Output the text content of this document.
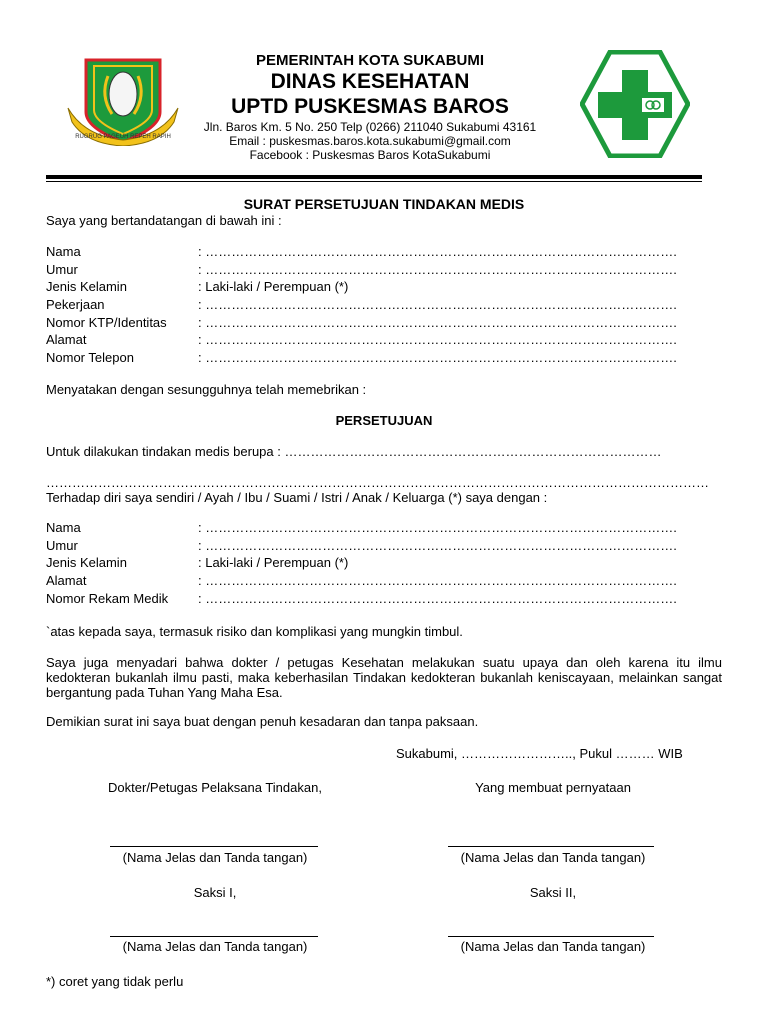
RUGRUG PAGEUH REPEH RAPIH
PEMERINTAH KOTA SUKABUMI
DINAS KESEHATAN
UPTD PUSKESMAS BAROS
Jln. Baros Km. 5 No. 250 Telp (0266) 211040 Sukabumi 43161
Email : puskesmas.baros.kota.sukabumi@gmail.com
Facebook : Puskesmas Baros KotaSukabumi
SURAT PERSETUJUAN TINDAKAN MEDIS
Saya yang bertandatangan di bawah ini :
Nama	: ……………………………………………………………………………………………….
Umur	: ……………………………………………………………………………………………….
Jenis Kelamin	: Laki-laki / Perempuan (*)
Pekerjaan	: ……………………………………………………………………………………………….
Nomor KTP/Identitas : ……………………………………………………………………………………………….
Alamat	: ……………………………………………………………………………………………….
Nomor Telepon	: ……………………………………………………………………………………………….
Menyatakan dengan sesungguhnya telah memebrikan :
PERSETUJUAN
Untuk dilakukan tindakan medis berupa : ……………………………………………………………………………
………………………………………………………………………………………………………………………………………
Terhadap diri saya sendiri / Ayah / Ibu / Suami / Istri / Anak / Keluarga (*) saya dengan :
Nama	: ……………………………………………………………………………………………….
Umur	: ……………………………………………………………………………………………….
Jenis Kelamin	: Laki-laki / Perempuan (*)
Alamat	: ……………………………………………………………………………………………….
Nomor Rekam Medik : ……………………………………………………………………………………………….
`atas kepada saya, termasuk risiko dan komplikasi yang mungkin timbul.
Saya juga menyadari bahwa dokter / petugas Kesehatan melakukan suatu upaya dan oleh karena itu ilmu kedokteran bukanlah ilmu pasti, maka keberhasilan Tindakan kedokteran bukanlah keniscayaan, melainkan sangat bergantung pada Tuhan Yang Maha Esa.
Demikian surat ini saya buat dengan penuh kesadaran dan tanpa paksaan.
Sukabumi, …………………….., Pukul ……… WIB
Dokter/Petugas Pelaksana Tindakan,	Yang membuat pernyataan
(Nama Jelas dan Tanda tangan)	(Nama Jelas dan Tanda tangan)
Saksi I,	Saksi II,
(Nama Jelas dan Tanda tangan)	(Nama Jelas dan Tanda tangan)
*) coret yang tidak perlu
